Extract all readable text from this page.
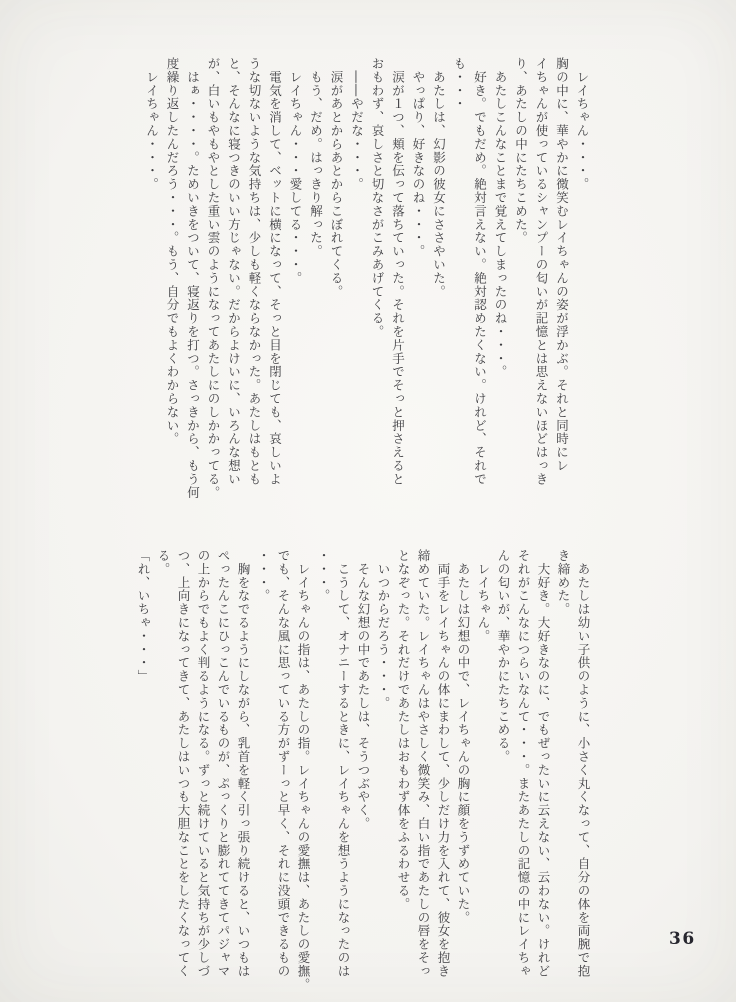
　レイちゃん・・・。
胸の中に、華やかに微笑むレイちゃんの姿が浮かぶ。それと同時にレ
イちゃんが使っているシャンプーの匂いが記憶とは思えないほどはっき
り、あたしの中にたちこめた。
　あたしこんなことまで覚えてしまったのね・・・。
　好き。でもだめ。絶対言えない。絶対認めたくない。けれど、それで
も・・・
　あたしは、幻影の彼女にささやいた。
　やっぱり、好きなのね・・・。
　涙が１つ、頬を伝って落ちていった。それを片手でそっと押さえると
おもわず、哀しさと切なさがこみあげてくる。
　――やだな・・・。
　涙があとからあとからこぼれてくる。
　もう、だめ。はっきり解った。
　レイちゃん・・・愛してる・・・。
　電気を消して、ベットに横になって、そっと目を閉じても、哀しいよ
うな切ないような気持ちは、少しも軽くならなかった。あたしはもとも
と、そんなに寝つきのいい方じゃない。だからよけいに、いろんな想い
が、白いもやもやとした重い雲のようになってあたしにのしかかってる。
　はぁ・・・・。ためいきをついて、寝返りを打つ。さっきから、もう何
度繰り返したんだろう・・・。もう、自分でもよくわからない。
　レイちゃん・・・。
　あたしは幼い子供のように、小さく丸くなって、自分の体を両腕で抱
き締めた。
　大好き。大好きなのに、でもぜったいに云えない、云わない。けれど
それがこんなにつらいなんて・・・。またあたしの記憶の中にレイちゃ
んの匂いが、華やかにたちこめる。
　レイちゃん。
　あたしは幻想の中で、レイちゃんの胸に顔をうずめていた。
　両手をレイちゃんの体にまわして、少しだけ力を入れて、彼女を抱き
締めていた。レイちゃんはやさしく微笑み、白い指であたしの唇をそっ
となぞった。それだけであたしはおもわず体をふるわせる。
　いつからだろう・・・。
　そんな幻想の中であたしは、そうつぶやく。
　こうして、オナニーするときに、レイちゃんを想うようになったのは
・・・。
　レイちゃんの指は、あたしの指。レイちゃんの愛撫は、あたしの愛撫。
でも、そんな風に思っている方がずーっと早く、それに没頭できるもの
・・・。
　胸をなでるようにしながら、乳首を軽く引っ張り続けると、いつもは
ぺったんこにひっこんでいるものが、ぷっくりと膨れててきてパジャマ
の上からでもよく判るようになる。ずっと続けていると気持ちが少しづ
つ、上向きになってきて、あたしはいつも大胆なことをしたくなってく
る。
「れ、いちゃ・・・」
36
